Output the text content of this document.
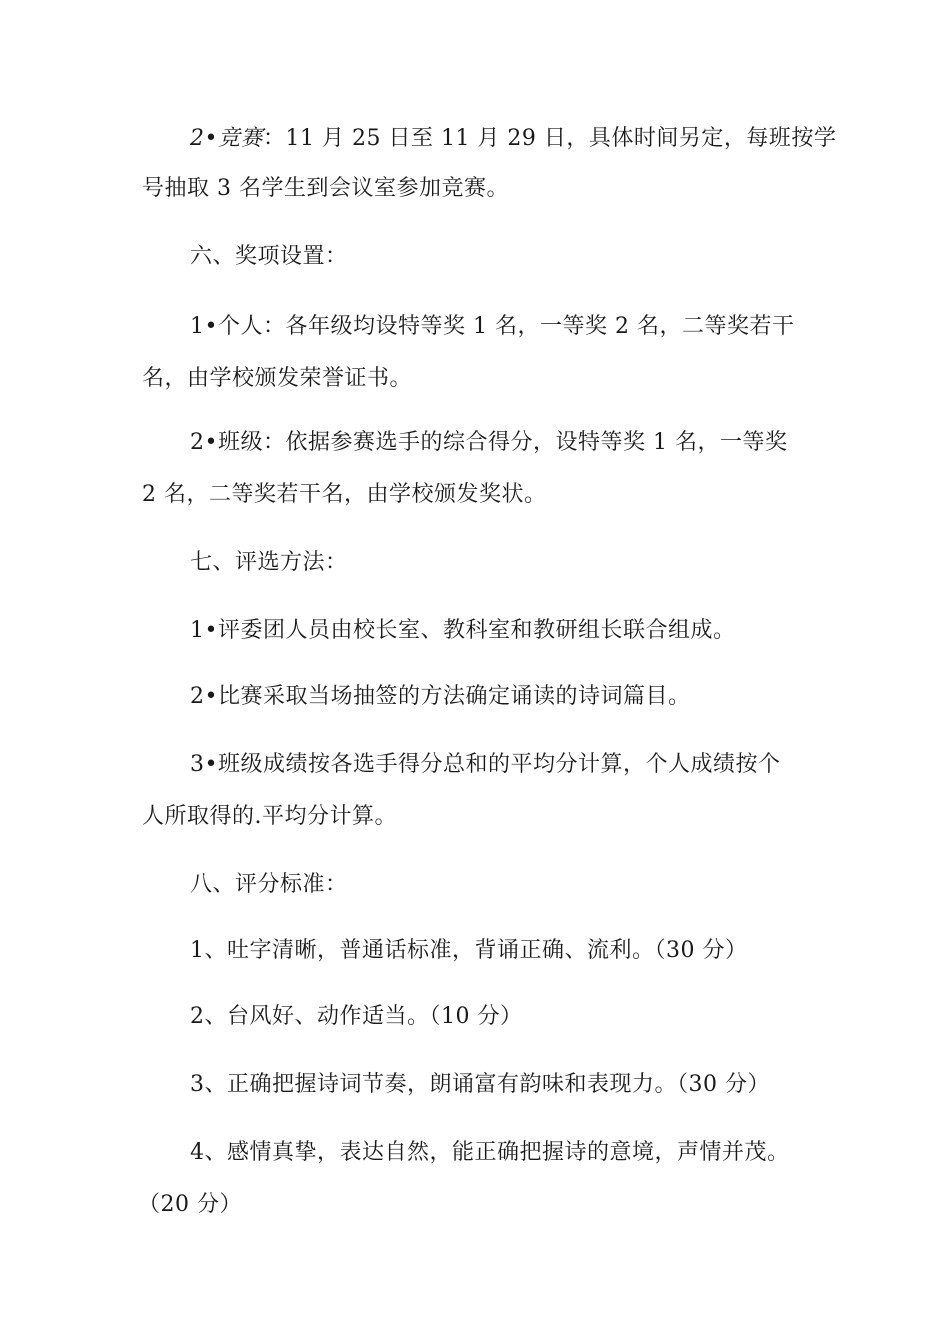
2•竞赛：11 月 25 日至 11 月 29 日，具体时间另定，每班按学
号抽取 3 名学生到会议室参加竞赛。
六、奖项设置：
1•个人：各年级均设特等奖 1 名，一等奖 2 名，二等奖若干
名，由学校颁发荣誉证书。
2•班级：依据参赛选手的综合得分，设特等奖 1 名，一等奖
2 名，二等奖若干名，由学校颁发奖状。
七、评选方法：
1•评委团人员由校长室、教科室和教研组长联合组成。
2•比赛采取当场抽签的方法确定诵读的诗词篇目。
3•班级成绩按各选手得分总和的平均分计算，个人成绩按个
人所取得的.平均分计算。
八、评分标准：
1、吐字清晰，普通话标准，背诵正确、流利。（30 分）
2、台风好、动作适当。（10 分）
3、正确把握诗词节奏，朗诵富有韵味和表现力。（30 分）
4、感情真挚，表达自然，能正确把握诗的意境，声情并茂。
（20 分）
